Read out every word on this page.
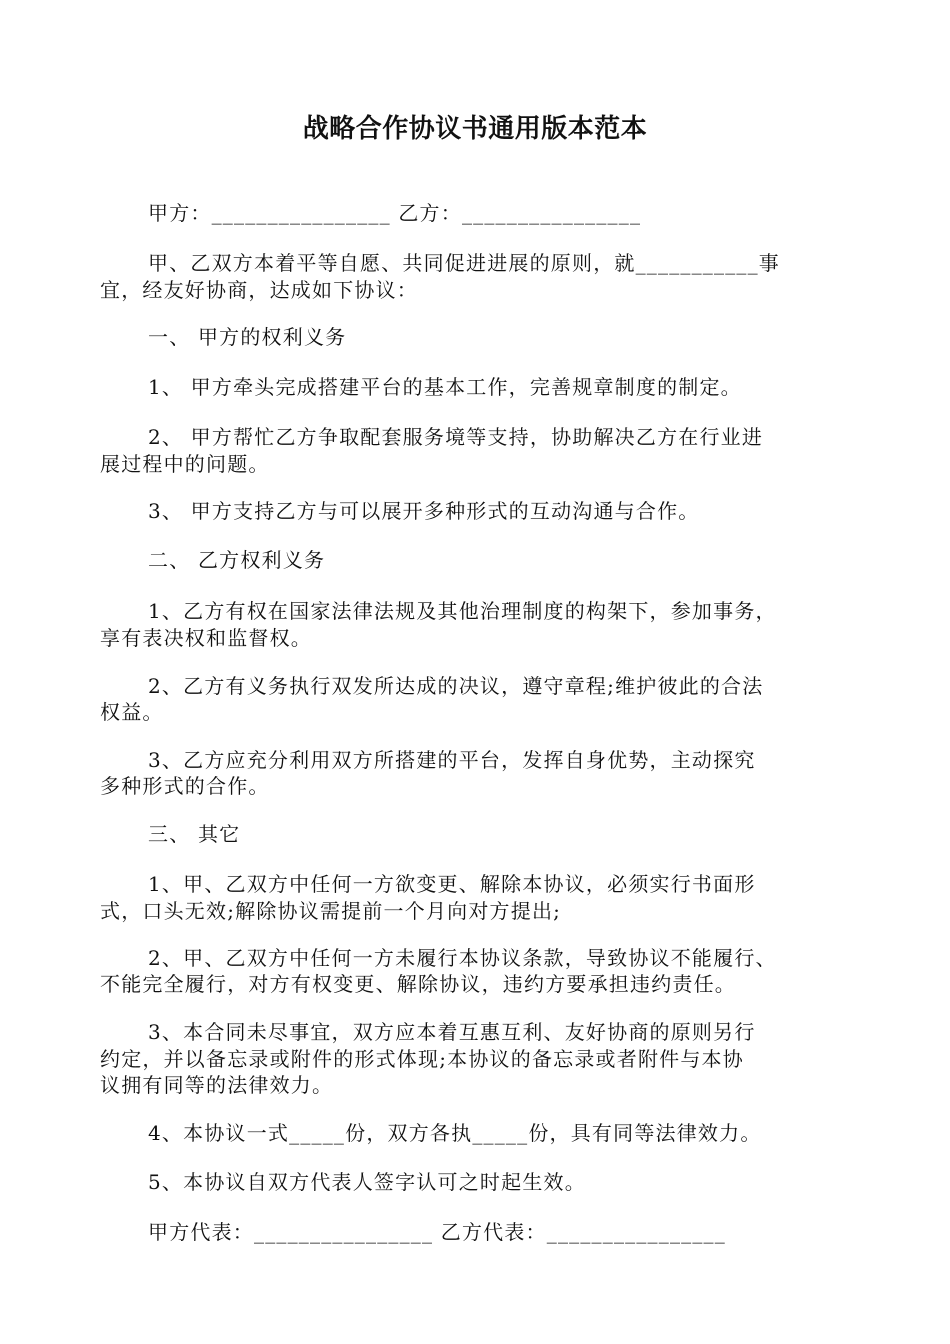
战略合作协议书通用版本范本
甲方：________________ 乙方：________________
甲、乙双方本着平等自愿、共同促进进展的原则，就___________事
宜，经友好协商，达成如下协议：
一、 甲方的权利义务
1、 甲方牵头完成搭建平台的基本工作，完善规章制度的制定。
2、 甲方帮忙乙方争取配套服务境等支持，协助解决乙方在行业进
展过程中的问题。
3、 甲方支持乙方与可以展开多种形式的互动沟通与合作。
二、 乙方权利义务
1、乙方有权在国家法律法规及其他治理制度的构架下，参加事务，
享有表决权和监督权。
2、乙方有义务执行双发所达成的决议，遵守章程;维护彼此的合法
权益。
3、乙方应充分利用双方所搭建的平台，发挥自身优势，主动探究
多种形式的合作。
三、 其它
1、甲、乙双方中任何一方欲变更、解除本协议，必须实行书面形
式，口头无效;解除协议需提前一个月向对方提出;
2、甲、乙双方中任何一方未履行本协议条款，导致协议不能履行、
不能完全履行，对方有权变更、解除协议，违约方要承担违约责任。
3、本合同未尽事宜，双方应本着互惠互利、友好协商的原则另行
约定，并以备忘录或附件的形式体现;本协议的备忘录或者附件与本协
议拥有同等的法律效力。
4、本协议一式_____份，双方各执_____份，具有同等法律效力。
5、本协议自双方代表人签字认可之时起生效。
甲方代表：________________ 乙方代表：________________
